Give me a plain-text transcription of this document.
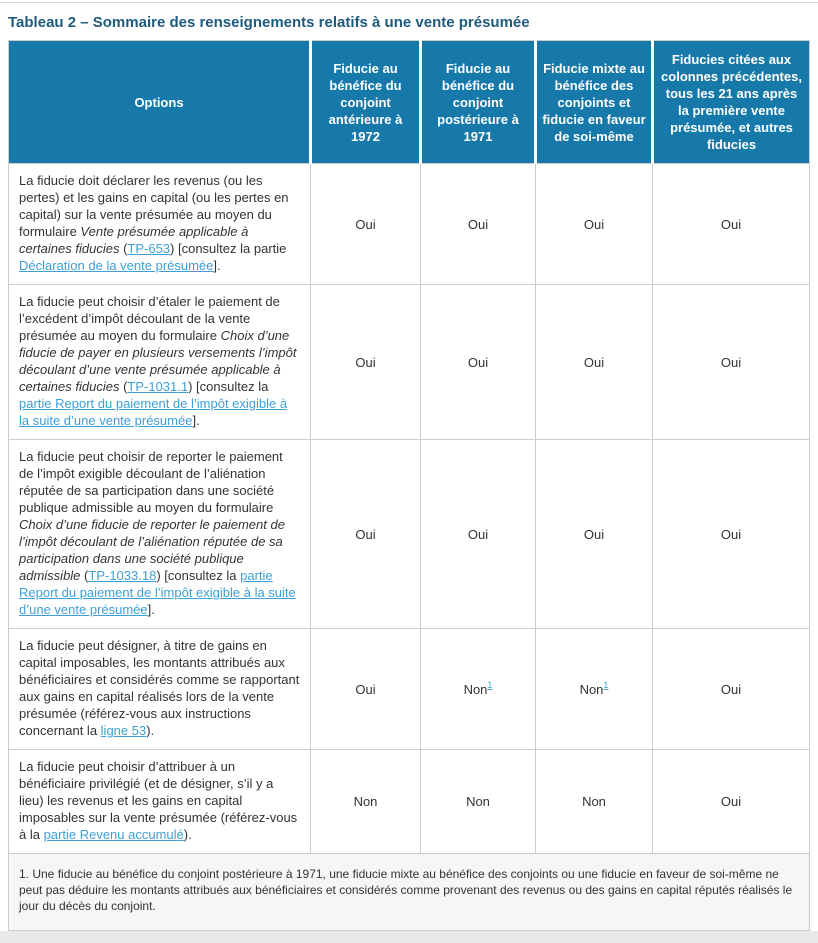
Tableau 2 – Sommaire des renseignements relatifs à une vente présumée
Options	Fiducie au bénéfice du conjoint antérieure à 1972	Fiducie au bénéfice du conjoint postérieure à 1971	Fiducie mixte au bénéfice des conjoints et fiducie en faveur de soi-même	Fiducies citées aux colonnes précédentes, tous les 21 ans après la première vente présumée, et autres fiducies
La fiducie doit déclarer les revenus (ou les pertes) et les gains en capital (ou les pertes en capital) sur la vente présumée au moyen du formulaire Vente présumée applicable à certaines fiducies (TP-653) [consultez la partie Déclaration de la vente présumée].	Oui	Oui	Oui	Oui
La fiducie peut choisir d’étaler le paiement de l’excédent d’impôt découlant de la vente présumée au moyen du formulaire Choix d’une fiducie de payer en plusieurs versements l’impôt découlant d’une vente présumée applicable à certaines fiducies (TP-1031.1) [consultez la partie Report du paiement de l’impôt exigible à la suite d’une vente présumée].	Oui	Oui	Oui	Oui
La fiducie peut choisir de reporter le paiement de l’impôt exigible découlant de l’aliénation réputée de sa participation dans une société publique admissible au moyen du formulaire Choix d’une fiducie de reporter le paiement de l’impôt découlant de l’aliénation réputée de sa participation dans une société publique admissible (TP-1033.18) [consultez la partie Report du paiement de l’impôt exigible à la suite d’une vente présumée].	Oui	Oui	Oui	Oui
La fiducie peut désigner, à titre de gains en capital imposables, les montants attribués aux bénéficiaires et considérés comme se rapportant aux gains en capital réalisés lors de la vente présumée (référez-vous aux instructions concernant la ligne 53).	Oui	Non$^1$	Non$^1$	Oui
La fiducie peut choisir d’attribuer à un bénéficiaire privilégié (et de désigner, s’il y a lieu) les revenus et les gains en capital imposables sur la vente présumée (référez-vous à la partie Revenu accumulé).	Non	Non	Non	Oui
1. Une fiducie au bénéfice du conjoint postérieure à 1971, une fiducie mixte au bénéfice des conjoints ou une fiducie en faveur de soi-même ne peut pas déduire les montants attribués aux bénéficiaires et considérés comme provenant des revenus ou des gains en capital réputés réalisés le jour du décès du conjoint.				
